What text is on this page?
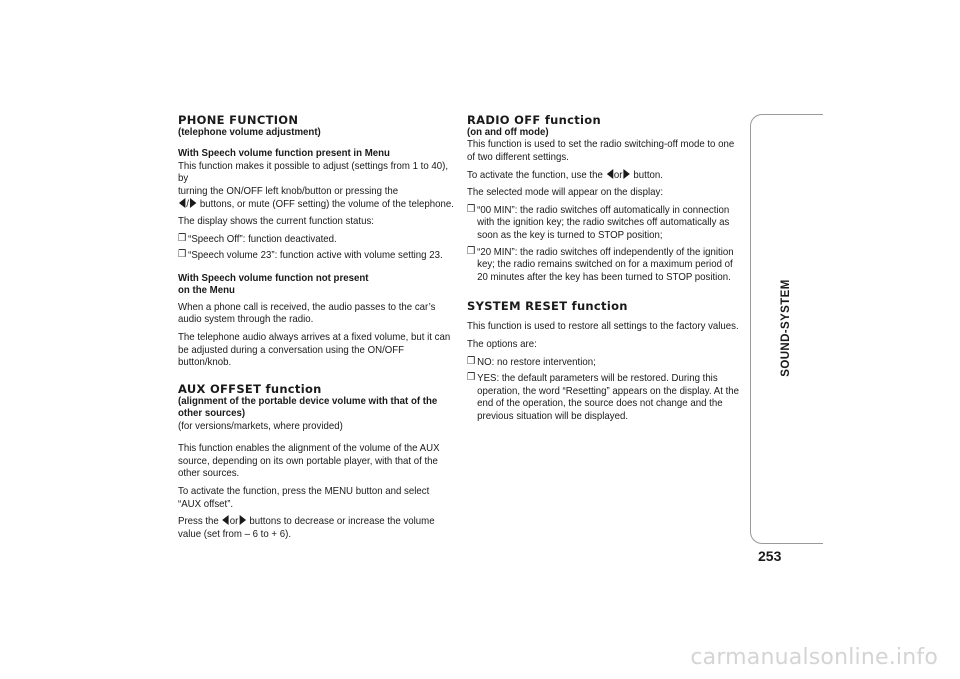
PHONE FUNCTION
(telephone volume adjustment)
With Speech volume function present in Menu

This function makes it possible to adjust (settings from 1 to 40), by
turning the ON/OFF left knob/button or pressing the
/ buttons, or mute (OFF setting) the volume of the telephone.

The display shows the current function status:

❒ “Speech Off”: function deactivated.
❒ “Speech volume 23”: function active with volume setting 23.
With Speech volume function not present
on the Menu

When a phone call is received, the audio passes to the car’s audio system through the radio.

The telephone audio always arrives at a fixed volume, but it can be adjusted during a conversation using the ON/OFF button/knob.

AUX OFFSET function
(alignment of the portable device volume with that of the other sources)

(for versions/markets, where provided)

This function enables the alignment of the volume of the AUX source, depending on its own portable player, with that of the other sources.

To activate the function, press the MENU button and select “AUX offset”.

Press the or buttons to decrease or increase the volume value (set from – 6 to + 6).

RADIO OFF function
(on and off mode)

This function is used to set the radio switching-off mode to one of two different settings.

To activate the function, use the or button.

The selected mode will appear on the display:

❒ “00 MIN”: the radio switches off automatically in connection with the ignition key; the radio switches off automatically as soon as the key is turned to STOP position;
❒ “20 MIN”: the radio switches off independently of the ignition key; the radio remains switched on for a maximum period of 20 minutes after the key has been turned to STOP position.
SYSTEM RESET function

This function is used to restore all settings to the factory values.

The options are:

❒ NO: no restore intervention;
❒ YES: the default parameters will be restored. During this operation, the word “Resetting” appears on the display. At the end of the operation, the source does not change and the previous situation will be displayed.
SOUND-SYSTEM
253
carmanualsonline.info
